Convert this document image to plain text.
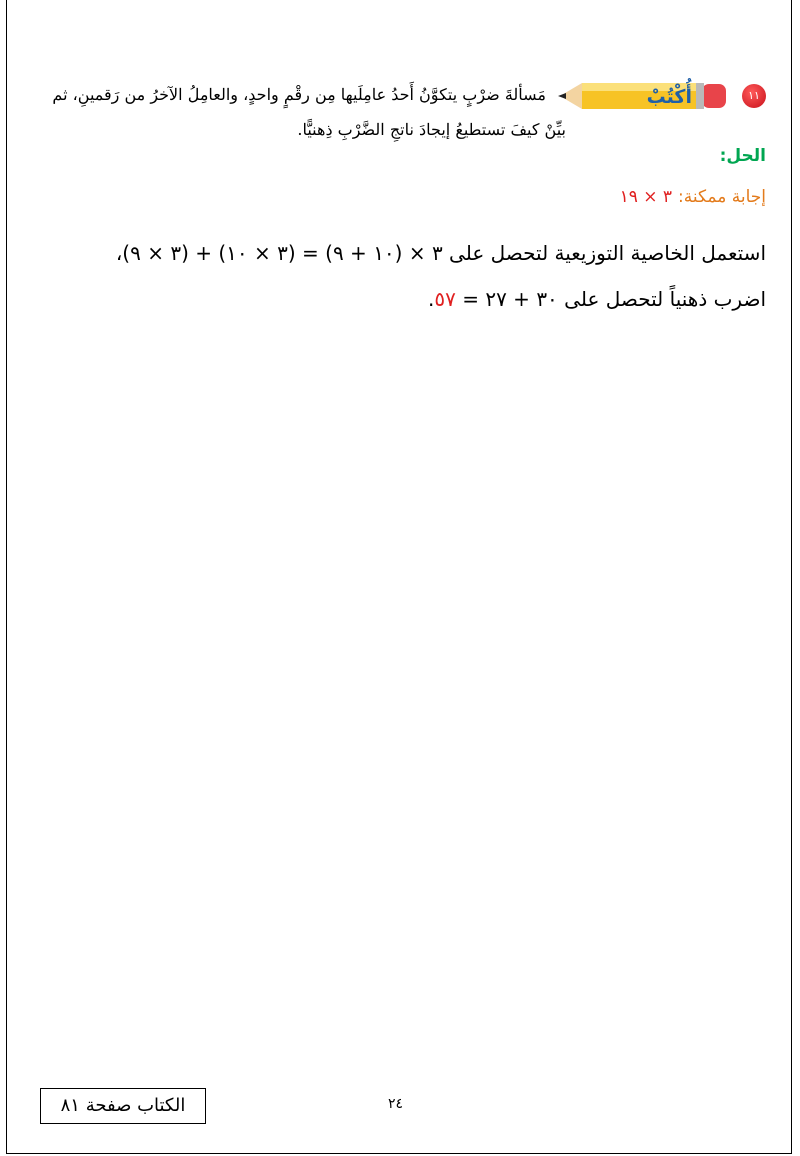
١١
أُكْتُبْ
مَسألةَ ضرْبٍ يتكوَّنُ أَحدُ عامِلَيها مِن رقْمٍ واحدٍ، والعامِلُ الآخرُ من رَقمينِ، ثم
بيِّنْ كيفَ تستطيعُ إيجادَ ناتجِ الضَّرْبِ ذِهنيًّا.
الحل:
إجابة ممكنة:٣ × ١٩
استعمل الخاصية التوزيعية لتحصل على ٣ × (١٠ + ٩) = (٣ × ١٠) + (٣ × ٩)،
اضرب ذهنياً لتحصل على ٣٠ + ٢٧ = ٥٧.
الكتاب صفحة ٨١	٢٤
